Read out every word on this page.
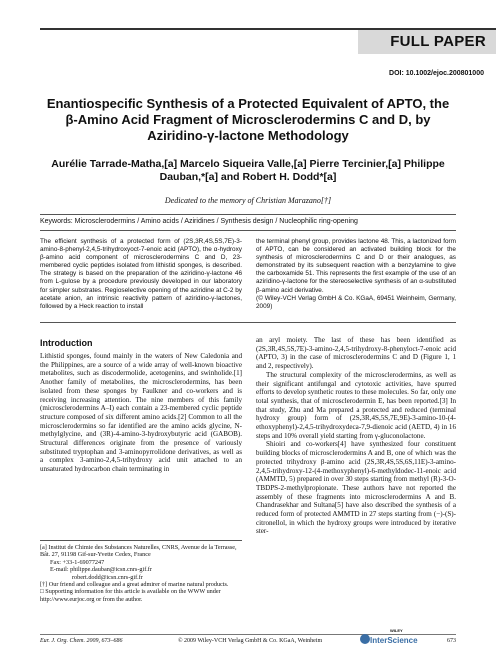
FULL PAPER
DOI: 10.1002/ejoc.200801000
Enantiospecific Synthesis of a Protected Equivalent of APTO, the β-Amino Acid Fragment of Microsclerodermins C and D, by Aziridino-γ-lactone Methodology
Aurélie Tarrade-Matha,[a] Marcelo Siqueira Valle,[a] Pierre Tercinier,[a] Philippe Dauban,*[a] and Robert H. Dodd*[a]
Dedicated to the memory of Christian Marazano[†]
Keywords: Microsclerodermins / Amino acids / Aziridines / Synthesis design / Nucleophilic ring-opening
The efficient synthesis of a protected form of (2S,3R,4S,5S,7E)-3-amino-8-phenyl-2,4,5-trihydroxyoct-7-enoic acid (APTO), the α-hydroxy β-amino acid component of microsclerodermins C and D, 23-membered cyclic peptides isolated from lithistid sponges, is described. The strategy is based on the preparation of the aziridino-γ-lactone 46 from L-gulose by a procedure previously developed in our laboratory for simpler substrates. Regioselective opening of the aziridine at C-2 by acetate anion, an intrinsic reactivity pattern of aziridino-γ-lactones, followed by a Heck reaction to install
the terminal phenyl group, provides lactone 48. This, a lactonized form of APTO, can be considered an activated building block for the synthesis of microsclerodermins C and D or their analogues, as demonstrated by its subsequent reaction with a benzylamine to give the carboxamide 51. This represents the first example of the use of an aziridino-γ-lactone for the stereoselective synthesis of an α-substituted β-amino acid derivative.
(© Wiley-VCH Verlag GmbH & Co. KGaA, 69451 Weinheim, Germany, 2009)
Introduction
Lithistid sponges, found mainly in the waters of New Caledonia and the Philippines, are a source of a wide array of well-known bioactive metabolites, such as discodermolide, acetogenins, and swinholide.[1] Another family of metabolites, the microsclerodermins, has been isolated from these sponges by Faulkner and co-workers and is receiving increasing attention. The nine members of this family (microsclerodermins A–I) each contain a 23-membered cyclic peptide structure composed of six different amino acids.[2] Common to all the microsclerodermins so far identified are the amino acids glycine, N-methylglycine, and (3R)-4-amino-3-hydroxybutyric acid (GABOB). Structural differences originate from the presence of variously substituted tryptophan and 3-aminopyrrolidone derivatives, as well as a complex 3-amino-2,4,5-trihydroxy acid unit attached to an unsaturated hydrocarbon chain terminating in

an aryl moiety. The last of these has been identified as (2S,3R,4S,5S,7E)-3-amino-2,4,5-trihydroxy-8-phenyloct-7-enoic acid (APTO, 3) in the case of microsclerodermins C and D (Figure 1, 1 and 2, respectively).

The structural complexity of the microsclerodermins, as well as their significant antifungal and cytotoxic activities, have spurred efforts to develop synthetic routes to these molecules. So far, only one total synthesis, that of microsclerodermin E, has been reported.[3] In that study, Zhu and Ma prepared a protected and reduced (terminal hydroxy group) form of (2S,3R,4S,5S,7E,9E)-3-amino-10-(4-ethoxyphenyl)-2,4,5-trihydroxydeca-7,9-dienoic acid (AETD, 4) in 16 steps and 10% overall yield starting from γ-gluconolactone.

Shioiri and co-workers[4] have synthesized four constituent building blocks of microsclerodermins A and B, one of which was the protected trihydroxy β-amino acid (2S,3R,4S,5S,6S,11E)-3-amino-2,4,5-trihydroxy-12-(4-methoxyphenyl)-6-methyldodec-11-enoic acid (AMMTD, 5) prepared in over 30 steps starting from methyl (R)-3-O-TBDPS-2-methylpropionate. These authors have not reported the assembly of these fragments into microsclerodermins A and B. Chandrasekhar and Sultana[5] have also described the synthesis of a reduced form of protected AMMTD in 27 steps starting from (−)-(S)-citronellol, in which the hydroxy groups were introduced by iterative ster-

[a] Institut de Chimie des Substances Naturelles, CNRS, Avenue de la Terrasse, Bât. 27, 91198 Gif-sur-Yvette Cedex, France
Fax: +33-1-69077247
E-mail: philippe.dauban@icsn.cnrs-gif.fr
robert.dodd@icsn.cnrs-gif.fr
[†] Our friend and colleague and a great admirer of marine natural products.
□ Supporting information for this article is available on the WWW under http://www.eurjoc.org or from the author.
Eur. J. Org. Chem. 2009, 673–686	© 2009 Wiley-VCH Verlag GmbH & Co. KGaA, Weinheim
WILEY
InterScience	673
